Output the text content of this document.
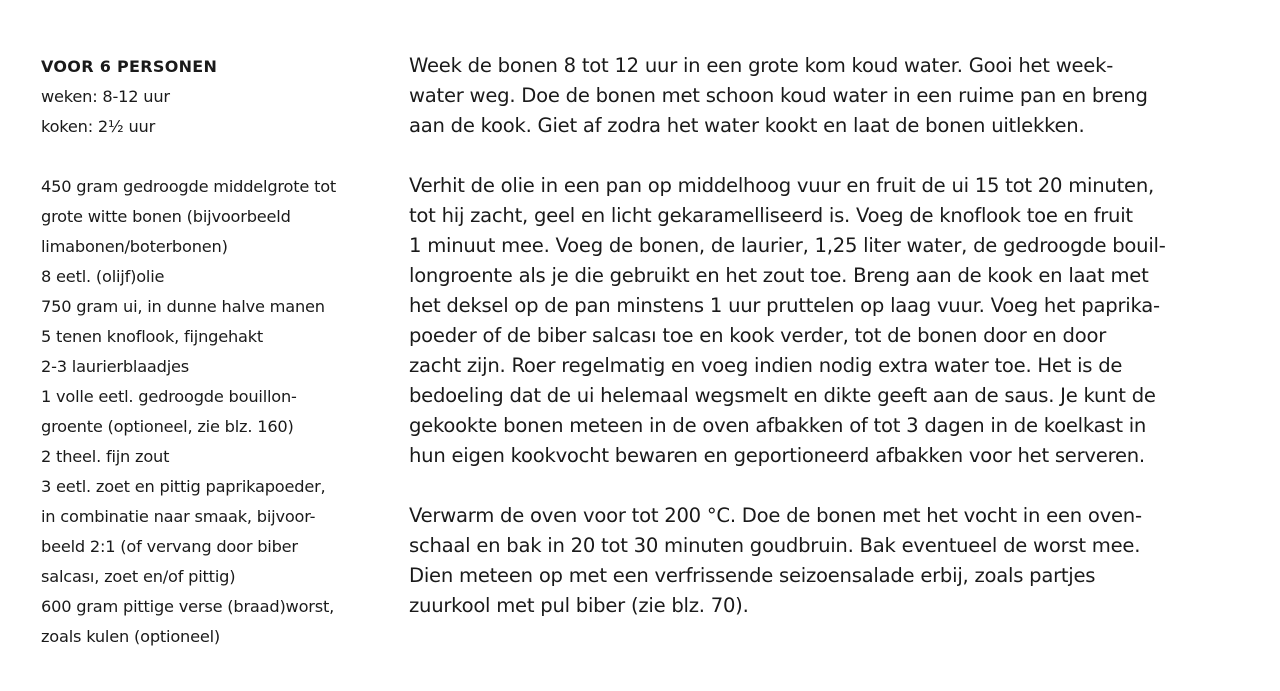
VOOR 6 PERSONEN
weken: 8-12 uur
koken: 2½ uur
450 gram gedroogde middelgrote tot
grote witte bonen (bijvoorbeeld
limabonen/boterbonen)
8 eetl. (olijf)olie
750 gram ui, in dunne halve manen
5 tenen knoflook, fijngehakt
2-3 laurierblaadjes
1 volle eetl. gedroogde bouillon-
groente (optioneel, zie blz. 160)
2 theel. fijn zout
3 eetl. zoet en pittig paprikapoeder,
in combinatie naar smaak, bijvoor-
beeld 2:1 (of vervang door biber
salcası, zoet en/of pittig)
600 gram pittige verse (braad)worst,
zoals kulen (optioneel)
Week de bonen 8 tot 12 uur in een grote kom koud water. Gooi het week-
water weg. Doe de bonen met schoon koud water in een ruime pan en breng
aan de kook. Giet af zodra het water kookt en laat de bonen uitlekken.
Verhit de olie in een pan op middelhoog vuur en fruit de ui 15 tot 20 minuten,
tot hij zacht, geel en licht gekaramelliseerd is. Voeg de knoflook toe en fruit
1 minuut mee. Voeg de bonen, de laurier, 1,25 liter water, de gedroogde bouil-
longroente als je die gebruikt en het zout toe. Breng aan de kook en laat met
het deksel op de pan minstens 1 uur pruttelen op laag vuur. Voeg het paprika-
poeder of de biber salcası toe en kook verder, tot de bonen door en door
zacht zijn. Roer regelmatig en voeg indien nodig extra water toe. Het is de
bedoeling dat de ui helemaal wegsmelt en dikte geeft aan de saus. Je kunt de
gekookte bonen meteen in de oven afbakken of tot 3 dagen in de koelkast in
hun eigen kookvocht bewaren en geportioneerd afbakken voor het serveren.
Verwarm de oven voor tot 200 °C. Doe de bonen met het vocht in een oven-
schaal en bak in 20 tot 30 minuten goudbruin. Bak eventueel de worst mee.
Dien meteen op met een verfrissende seizoensalade erbij, zoals partjes
zuurkool met pul biber (zie blz. 70).
